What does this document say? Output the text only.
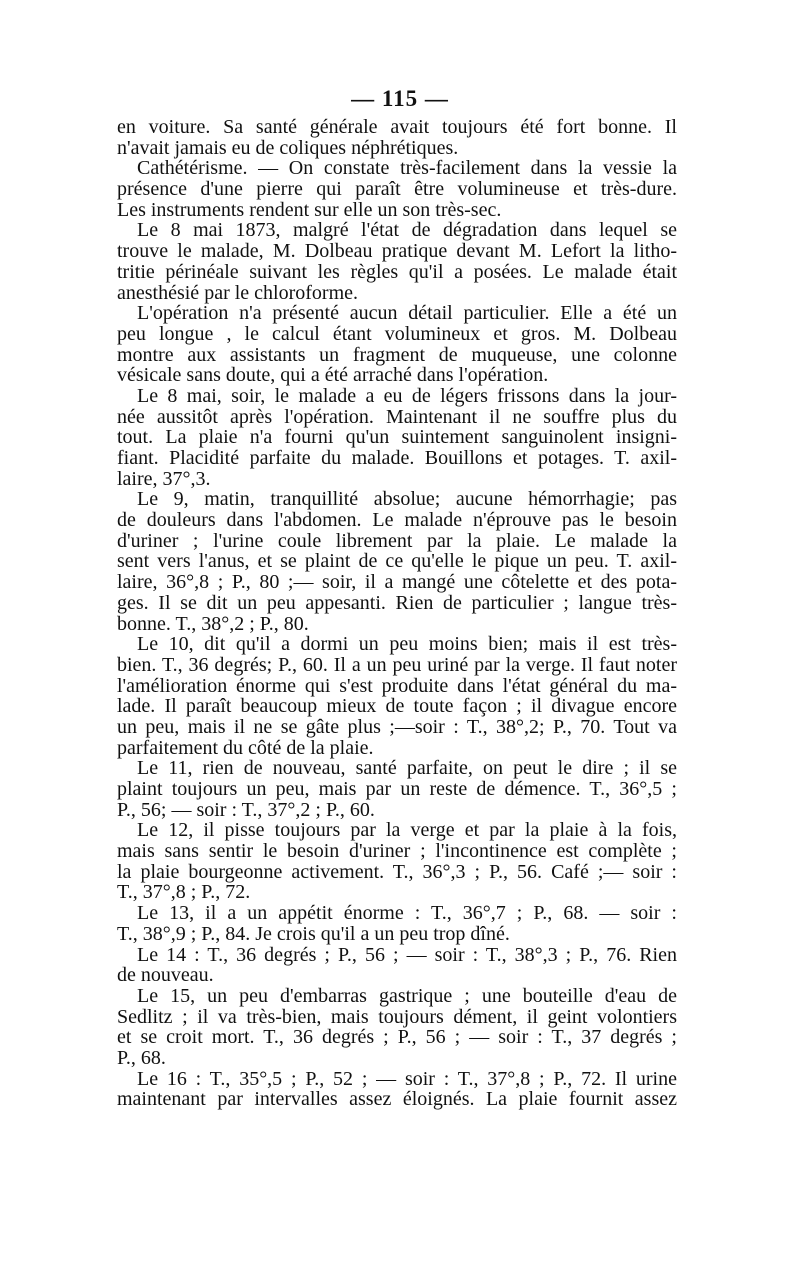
— 115 —
en voiture. Sa santé générale avait toujours été fort bonne. Il
n'avait jamais eu de coliques néphrétiques.
Cathétérisme. — On constate très-facilement dans la vessie la
présence d'une pierre qui paraît être volumineuse et très-dure.
Les instruments rendent sur elle un son très-sec.
Le 8 mai 1873, malgré l'état de dégradation dans lequel se
trouve le malade, M. Dolbeau pratique devant M. Lefort la litho-
tritie périnéale suivant les règles qu'il a posées. Le malade était
anesthésié par le chloroforme.
L'opération n'a présenté aucun détail particulier. Elle a été un
peu longue , le calcul étant volumineux et gros. M. Dolbeau
montre aux assistants un fragment de muqueuse, une colonne
vésicale sans doute, qui a été arraché dans l'opération.
Le 8 mai, soir, le malade a eu de légers frissons dans la jour-
née aussitôt après l'opération. Maintenant il ne souffre plus du
tout. La plaie n'a fourni qu'un suintement sanguinolent insigni-
fiant. Placidité parfaite du malade. Bouillons et potages. T. axil-
laire, 37°,3.
Le 9, matin, tranquillité absolue; aucune hémorrhagie; pas
de douleurs dans l'abdomen. Le malade n'éprouve pas le besoin
d'uriner ; l'urine coule librement par la plaie. Le malade la
sent vers l'anus, et se plaint de ce qu'elle le pique un peu. T. axil-
laire, 36°,8 ; P., 80 ;— soir, il a mangé une côtelette et des pota-
ges. Il se dit un peu appesanti. Rien de particulier ; langue très-
bonne. T., 38°,2 ; P., 80.
Le 10, dit qu'il a dormi un peu moins bien; mais il est très-
bien. T., 36 degrés; P., 60. Il a un peu uriné par la verge. Il faut noter
l'amélioration énorme qui s'est produite dans l'état général du ma-
lade. Il paraît beaucoup mieux de toute façon ; il divague encore
un peu, mais il ne se gâte plus ;—soir : T., 38°,2; P., 70. Tout va
parfaitement du côté de la plaie.
Le 11, rien de nouveau, santé parfaite, on peut le dire ; il se
plaint toujours un peu, mais par un reste de démence. T., 36°,5 ;
P., 56; — soir : T., 37°,2 ; P., 60.
Le 12, il pisse toujours par la verge et par la plaie à la fois,
mais sans sentir le besoin d'uriner ; l'incontinence est complète ;
la plaie bourgeonne activement. T., 36°,3 ; P., 56. Café ;— soir :
T., 37°,8 ; P., 72.
Le 13, il a un appétit énorme : T., 36°,7 ; P., 68. — soir :
T., 38°,9 ; P., 84. Je crois qu'il a un peu trop dîné.
Le 14 : T., 36 degrés ; P., 56 ; — soir : T., 38°,3 ; P., 76. Rien
de nouveau.
Le 15, un peu d'embarras gastrique ; une bouteille d'eau de
Sedlitz ; il va très-bien, mais toujours dément, il geint volontiers
et se croit mort. T., 36 degrés ; P., 56 ; — soir : T., 37 degrés ;
P., 68.
Le 16 : T., 35°,5 ; P., 52 ; — soir : T., 37°,8 ; P., 72. Il urine
maintenant par intervalles assez éloignés. La plaie fournit assez
